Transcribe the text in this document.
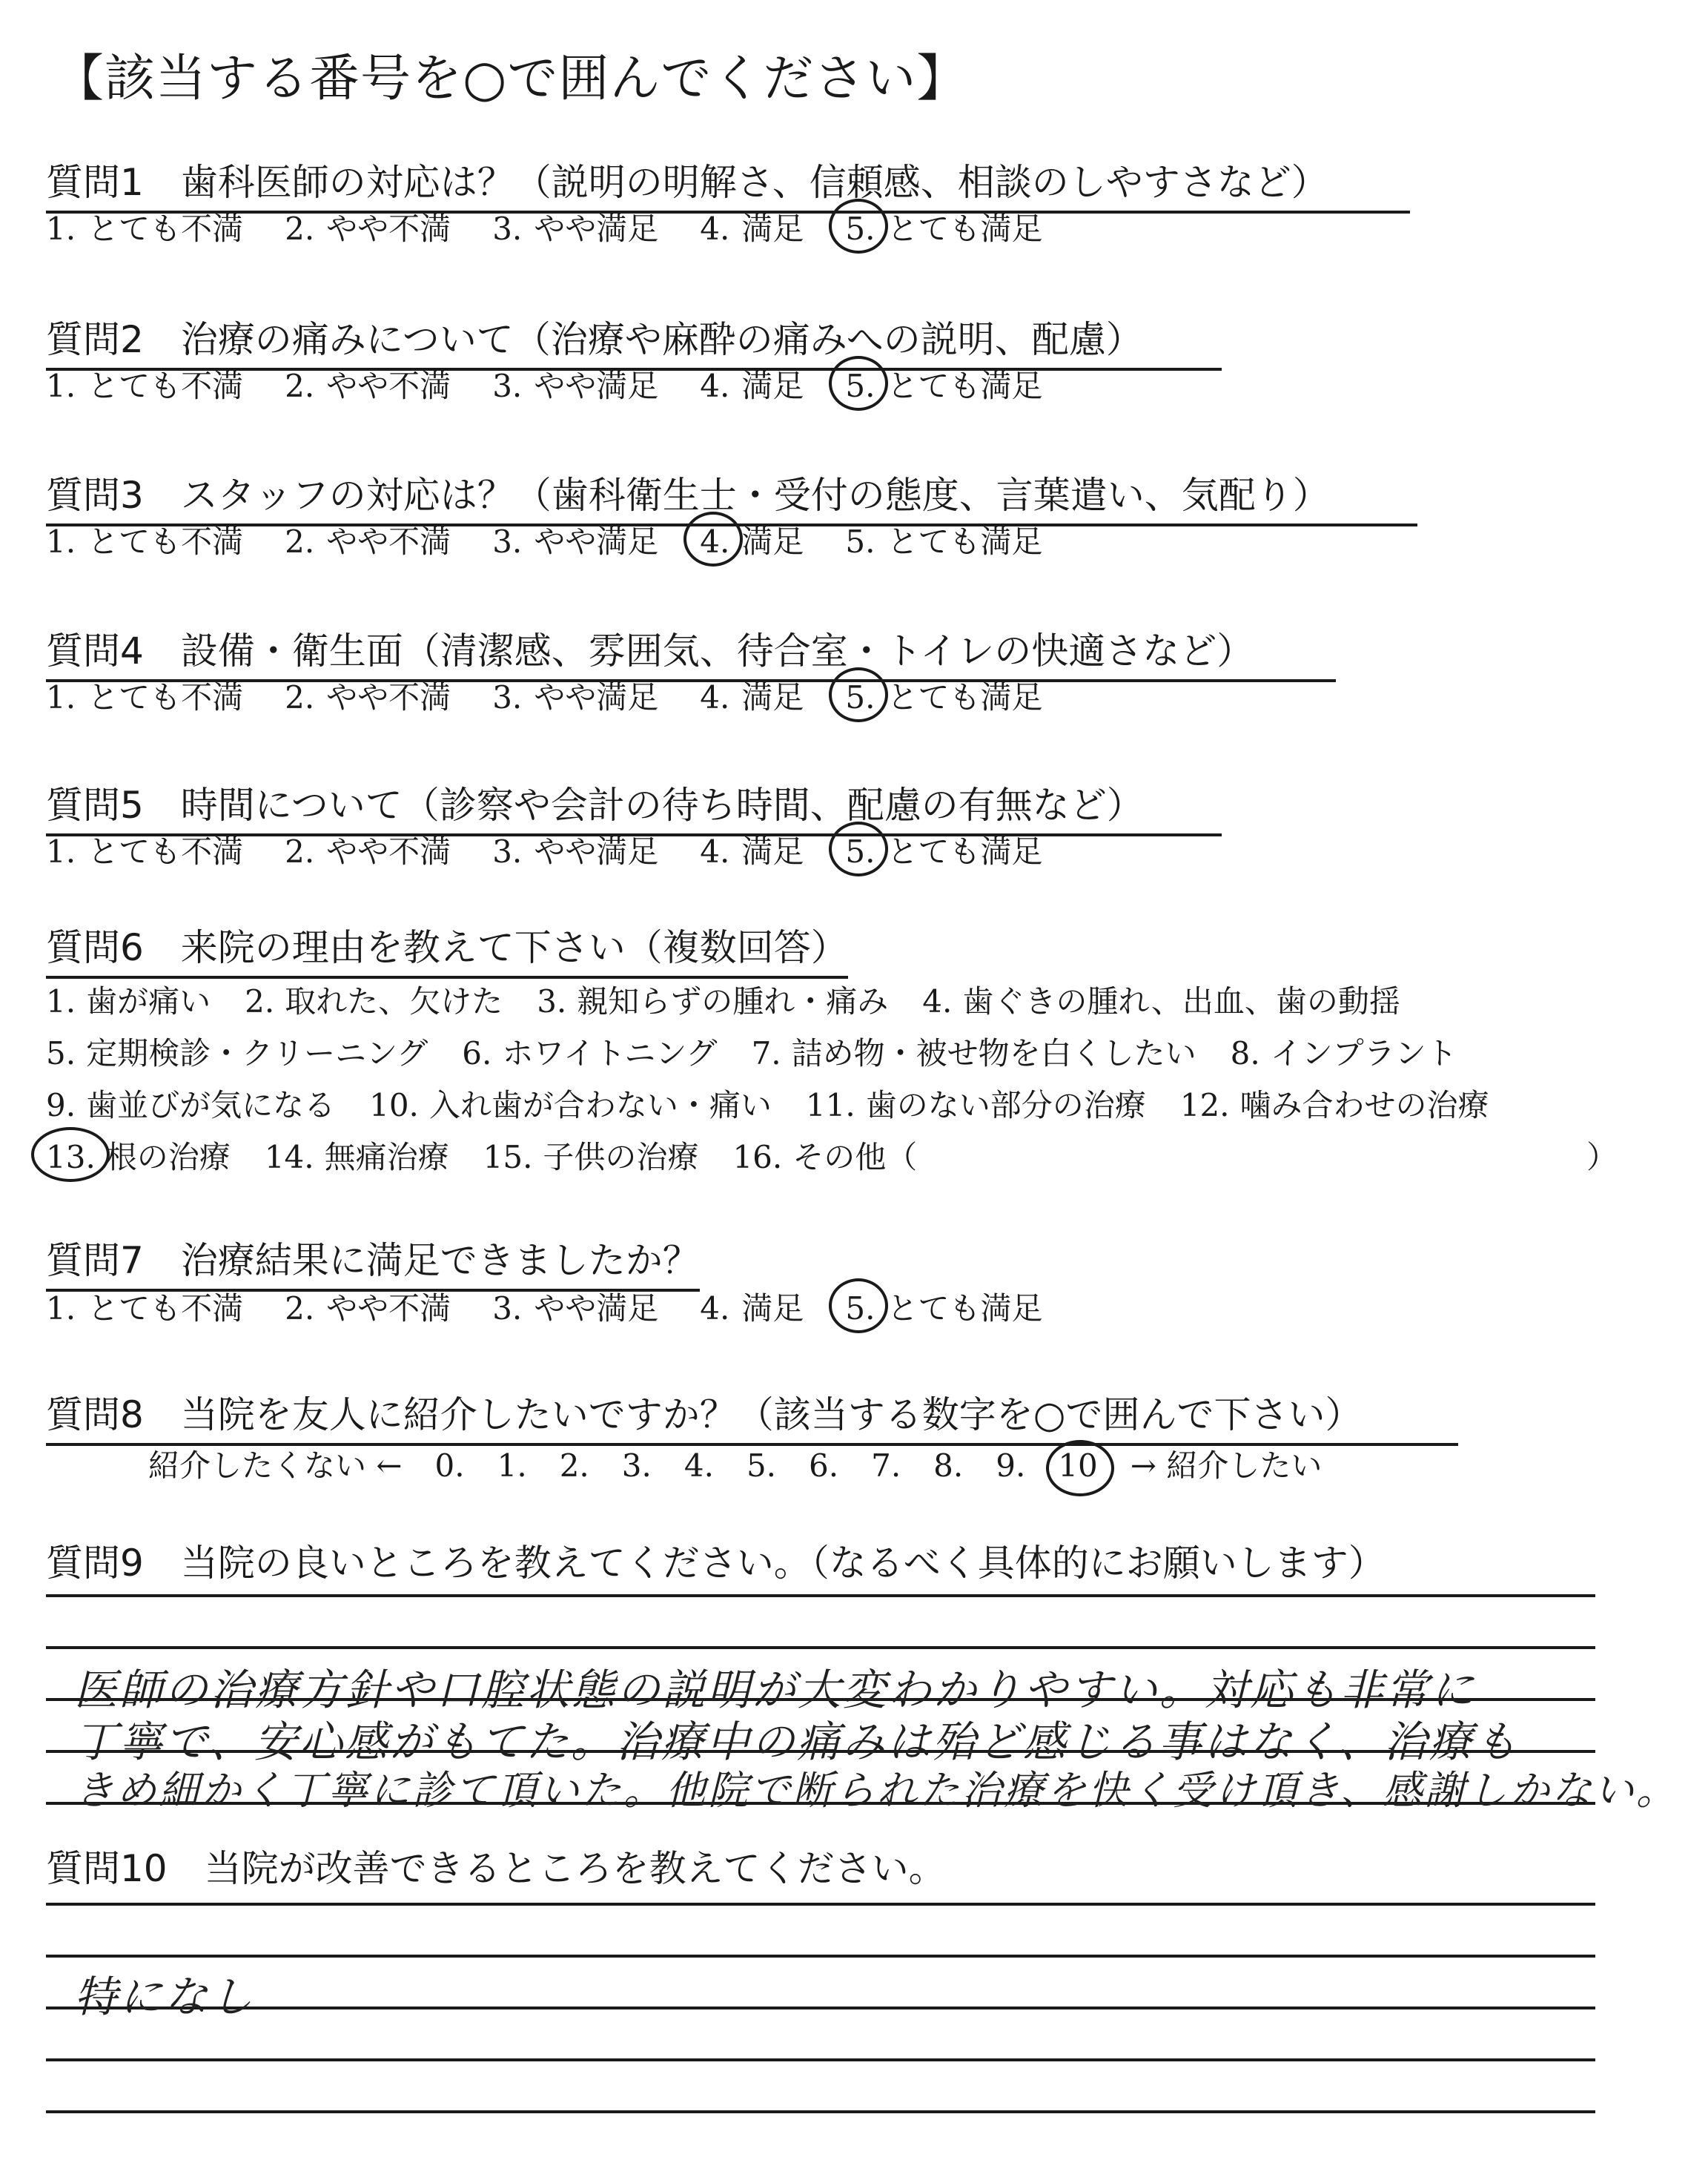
【該当する番号を○で囲んでください】
質問1　歯科医師の対応は？（説明の明解さ、信頼感、相談のしやすさなど）
1. とても不満 2. やや不満 3. やや満足 4. 満足 5. とても満足
質問2　治療の痛みについて（治療や麻酔の痛みへの説明、配慮）
1. とても不満 2. やや不満 3. やや満足 4. 満足 5. とても満足
質問3　スタッフの対応は？（歯科衛生士・受付の態度、言葉遣い、気配り）
1. とても不満 2. やや不満 3. やや満足 4. 満足 5. とても満足
質問4　設備・衛生面（清潔感、雰囲気、待合室・トイレの快適さなど）
1. とても不満 2. やや不満 3. やや満足 4. 満足 5. とても満足
質問5　時間について（診察や会計の待ち時間、配慮の有無など）
1. とても不満 2. やや不満 3. やや満足 4. 満足 5. とても満足
質問6　来院の理由を教えて下さい（複数回答）
1. 歯が痛い 2. 取れた、欠けた 3. 親知らずの腫れ・痛み 4. 歯ぐきの腫れ、出血、歯の動揺
5. 定期検診・クリーニング 6. ホワイトニング 7. 詰め物・被せ物を白くしたい 8. インプラント
9. 歯並びが気になる 10. 入れ歯が合わない・痛い 11. 歯のない部分の治療 12. 噛み合わせの治療
13. 根の治療 14. 無痛治療 15. 子供の治療 16. その他（	）
質問7　治療結果に満足できましたか？
1. とても不満 2. やや不満 3. やや満足 4. 満足 5. とても満足
質問8　当院を友人に紹介したいですか？（該当する数字を○で囲んで下さい）
紹介したくない ← 0. 1. 2. 3. 4. 5. 6. 7. 8. 9. 10 → 紹介したい
質問9　当院の良いところを教えてください。（なるべく具体的にお願いします）
医師の治療方針や口腔状態の説明が大変わかりやすい。対応も非常に
丁寧で、安心感がもてた。治療中の痛みは殆ど感じる事はなく、治療も
きめ細かく丁寧に診て頂いた。他院で断られた治療を快く受け頂き、感謝しかない。
質問10　当院が改善できるところを教えてください。
特になし
